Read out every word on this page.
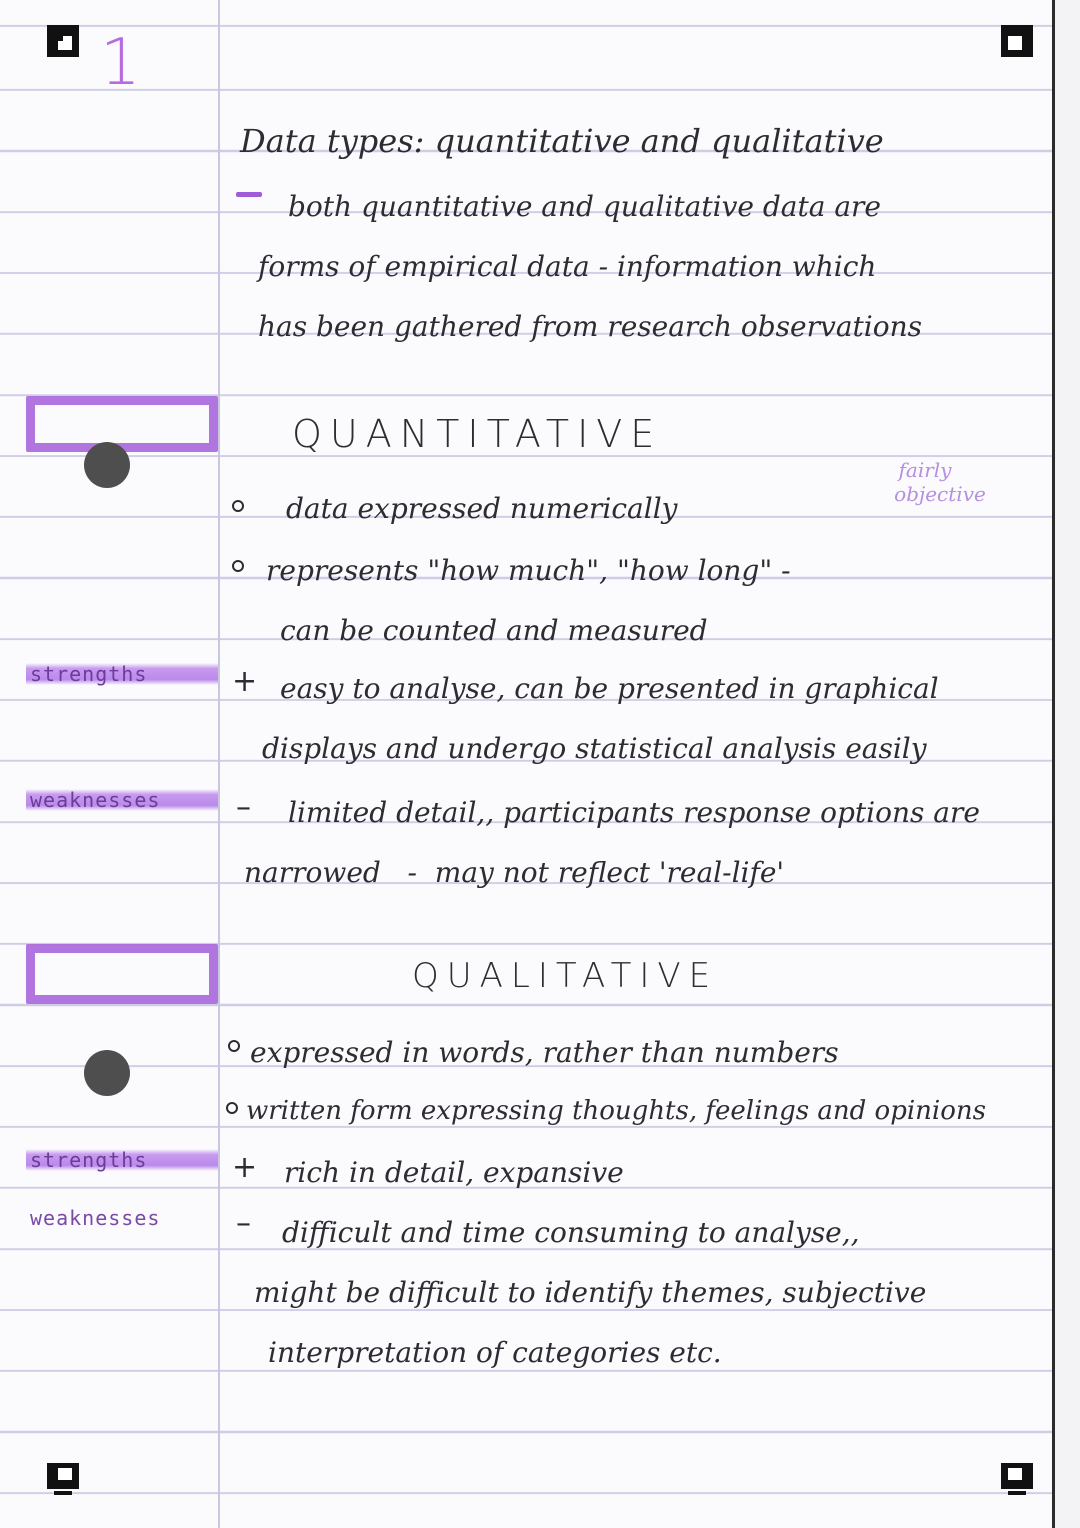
1
Data types: quantitative and qualitative
both quantitative and qualitative data are
forms of empirical data - information which
has been gathered from research observations
QUANTITATIVE
fairly
objective
data expressed numerically
represents "how much", "how long" -
can be counted and measured
strengths	+ easy to analyse, can be presented in graphical
displays and undergo statistical analysis easily
weaknesses	– limited detail,, participants response options are
narrowed   -  may not reflect 'real-life'
QUALITATIVE
expressed in words, rather than numbers
written form expressing thoughts, feelings and opinions
strengths	+ rich in detail, expansive
weaknesses	– difficult and time consuming to analyse,,
might be difficult to identify themes, subjective
interpretation of categories etc.
